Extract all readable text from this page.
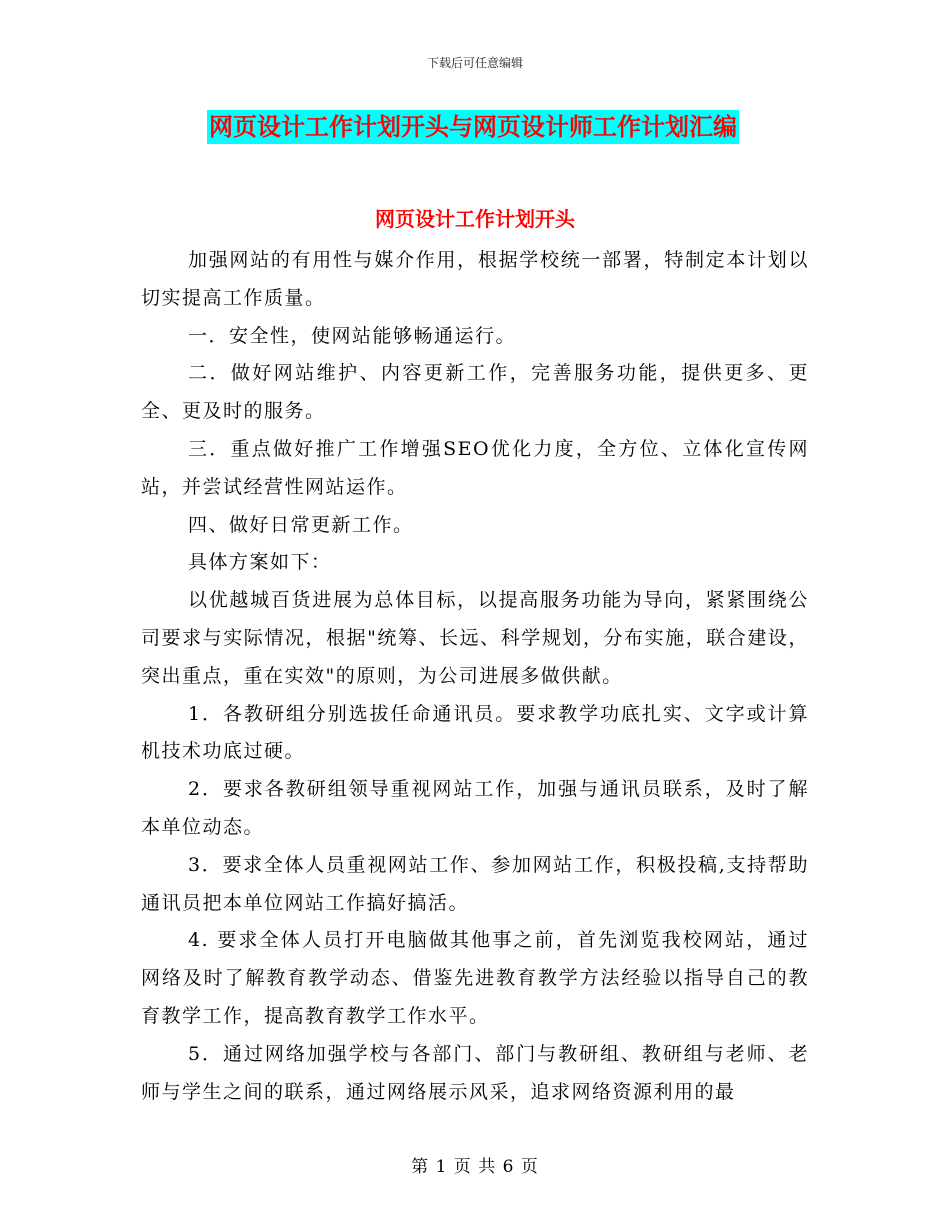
下载后可任意编辑
网页设计工作计划开头与网页设计师工作计划汇编
网页设计工作计划开头

加强网站的有用性与媒介作用，根据学校统一部署，特制定本计划以切实提高工作质量。

一．安全性，使网站能够畅通运行。

二．做好网站维护、内容更新工作，完善服务功能，提供更多、更全、更及时的服务。

三．重点做好推广工作增强SEO优化力度，全方位、立体化宣传网站，并尝试经营性网站运作。

四、做好日常更新工作。

具体方案如下：

以优越城百货进展为总体目标，以提高服务功能为导向，紧紧围绕公司要求与实际情况，根据"统筹、长远、科学规划，分布实施，联合建设，突出重点，重在实效"的原则，为公司进展多做供献。

1．各教研组分别选拔任命通讯员。要求教学功底扎实、文字或计算机技术功底过硬。

2．要求各教研组领导重视网站工作，加强与通讯员联系，及时了解本单位动态。

3．要求全体人员重视网站工作、参加网站工作，积极投稿,支持帮助通讯员把本单位网站工作搞好搞活。

4. 要求全体人员打开电脑做其他事之前，首先浏览我校网站，通过网络及时了解教育教学动态、借鉴先进教育教学方法经验以指导自己的教育教学工作，提高教育教学工作水平。

5．通过网络加强学校与各部门、部门与教研组、教研组与老师、老师与学生之间的联系，通过网络展示风采，追求网络资源利用的最

第 1 页 共 6 页
